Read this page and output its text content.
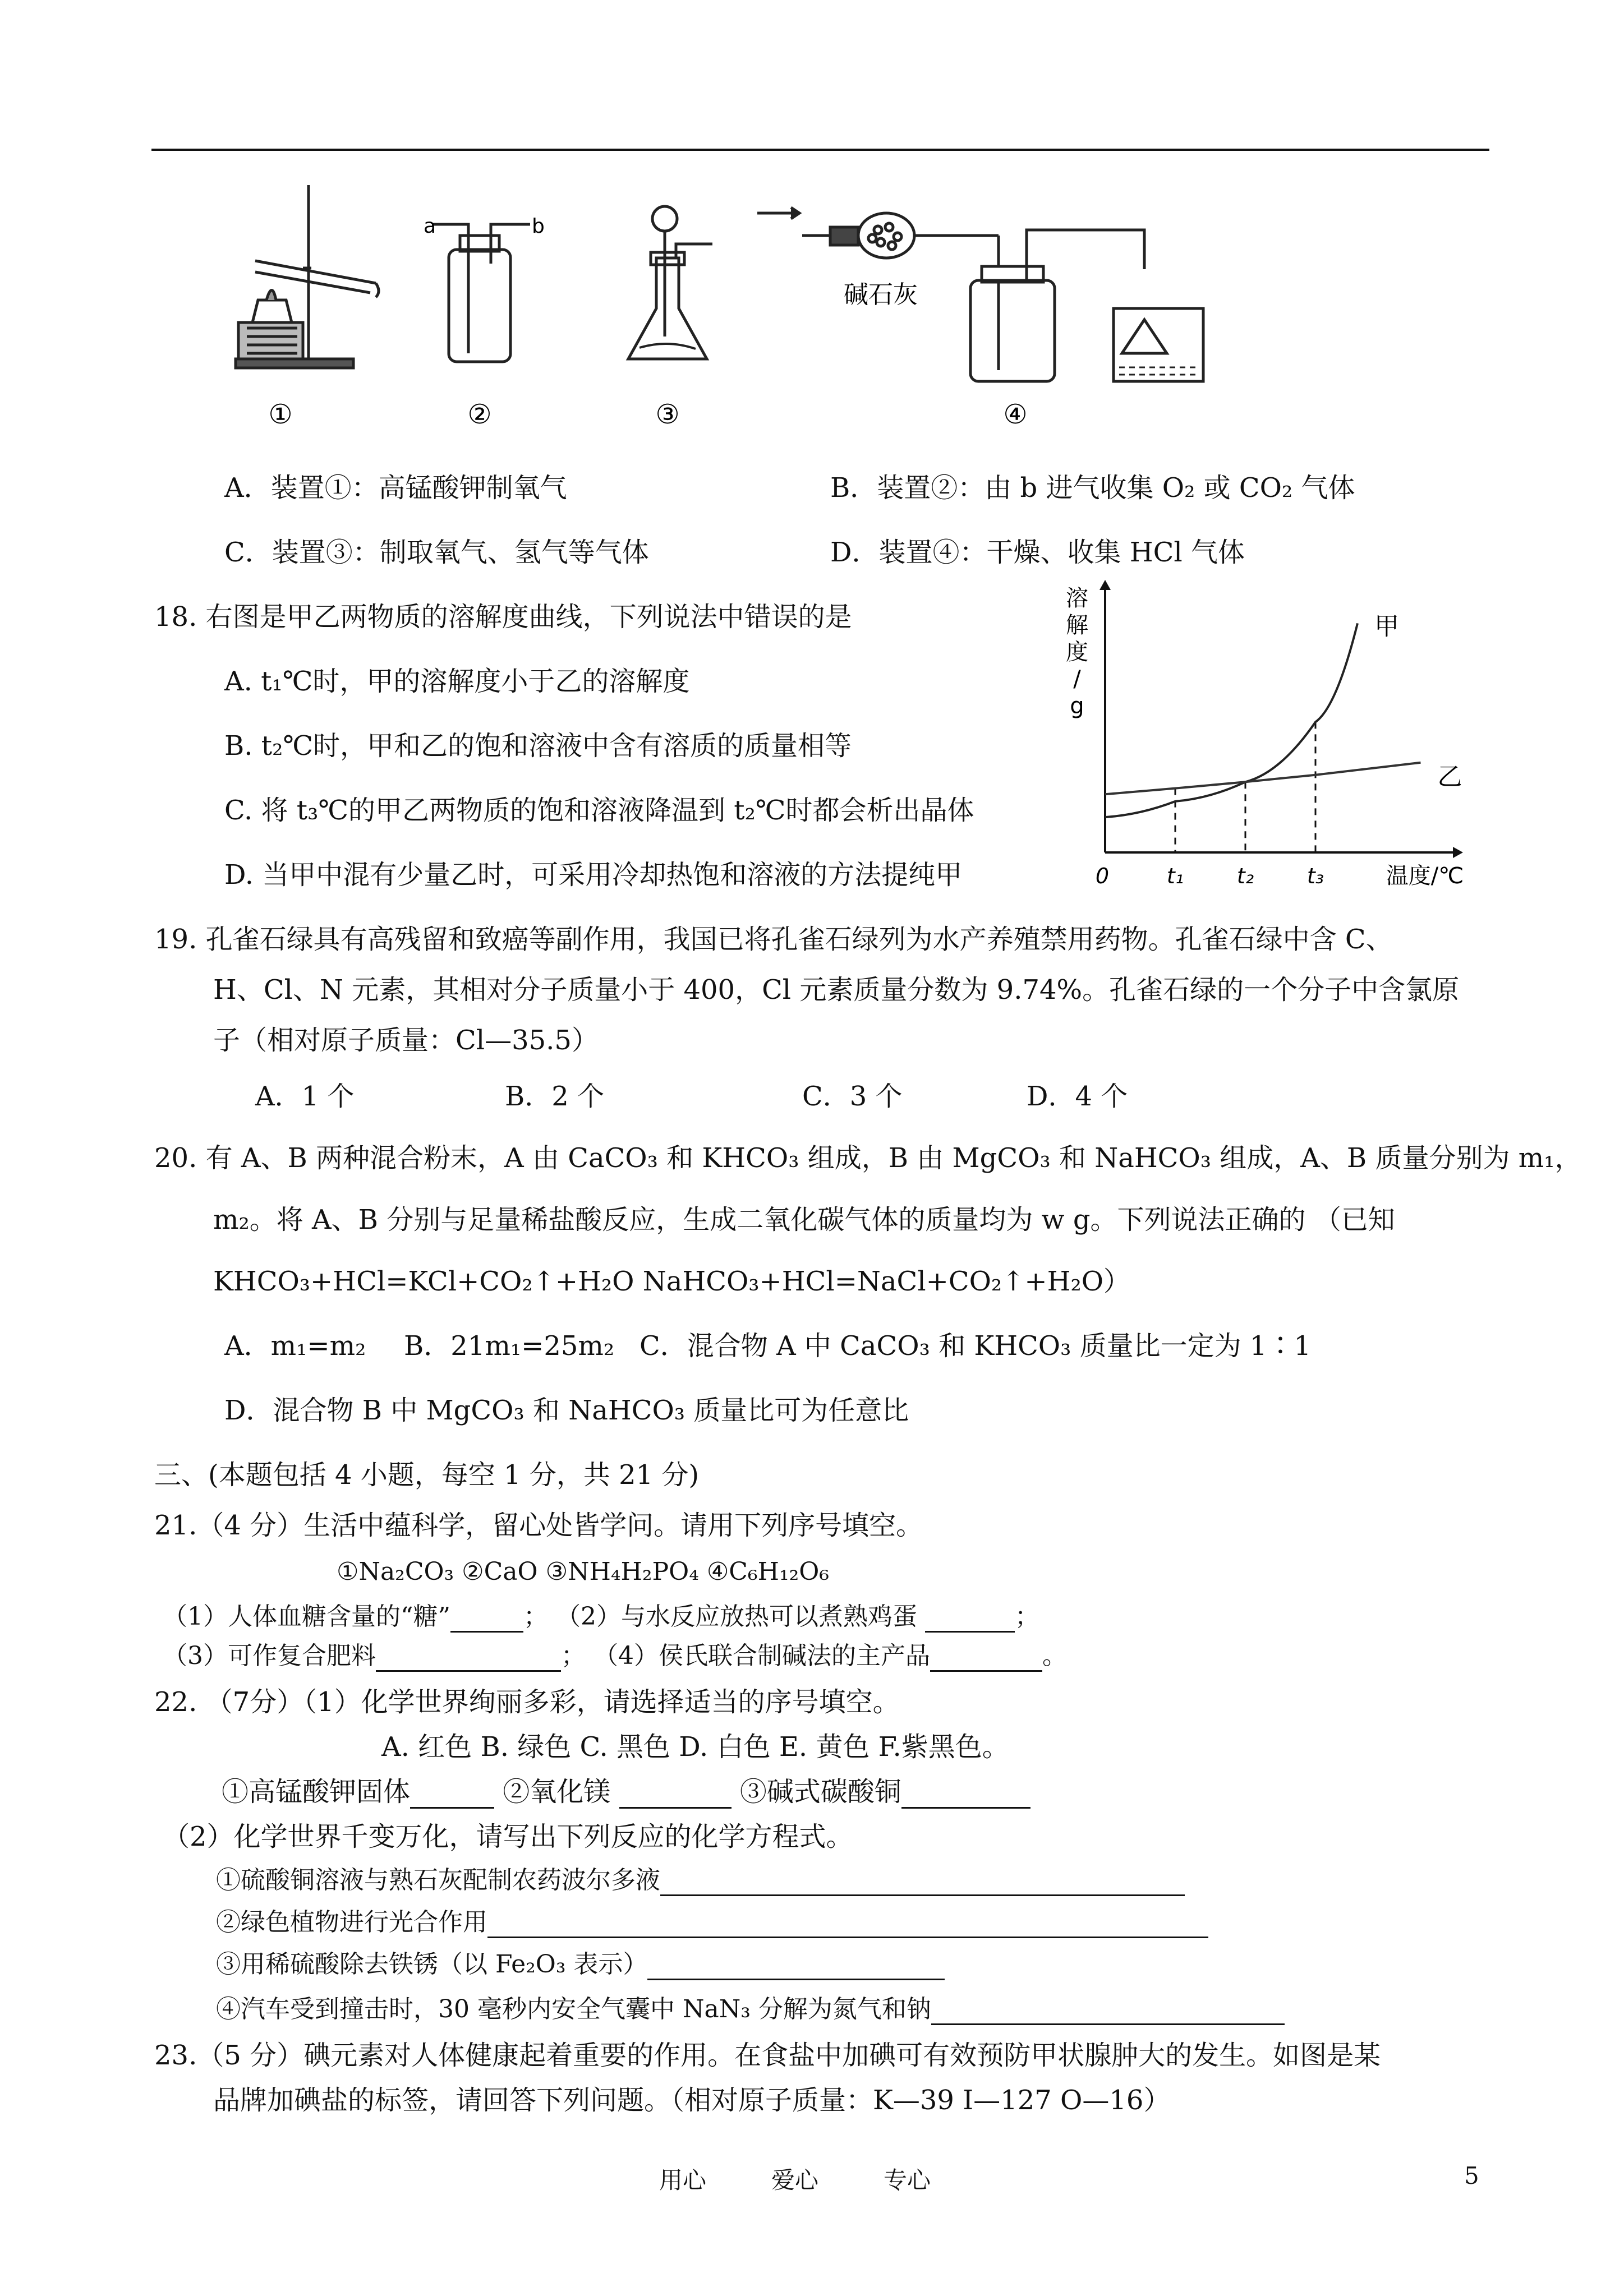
①
a	b
②	③
碱石灰
④
A．装置①：高锰酸钾制氧气	B．装置②：由 b 进气收集 O₂ 或 CO₂ 气体
C．装置③：制取氧气、氢气等气体	D．装置④：干燥、收集 HCl 气体
18. 右图是甲乙两物质的溶解度曲线，下列说法中错误的是
A. t₁℃时，甲的溶解度小于乙的溶解度
B. t₂℃时，甲和乙的饱和溶液中含有溶质的质量相等
C. 将 t₃℃的甲乙两物质的饱和溶液降温到 t₂℃时都会析出晶体
D. 当甲中混有少量乙时，可采用冷却热饱和溶液的方法提纯甲
溶
解
度
/
g
温度/℃
0	t₁ t₂ t₃
甲
乙
19. 孔雀石绿具有高残留和致癌等副作用，我国已将孔雀石绿列为水产养殖禁用药物。孔雀石绿中含 C、
H、Cl、N 元素，其相对分子质量小于 400，Cl 元素质量分数为 9.74%。孔雀石绿的一个分子中含氯原
子（相对原子质量：Cl—35.5）
A．1 个	B．2 个	C．3 个	D．4 个
20. 有 A、B 两种混合粉末，A 由 CaCO₃ 和 KHCO₃ 组成，B 由 MgCO₃ 和 NaHCO₃ 组成，A、B 质量分别为 m₁，
m₂。将 A、B 分别与足量稀盐酸反应，生成二氧化碳气体的质量均为 w g。下列说法正确的 （已知
KHCO₃+HCl=KCl+CO₂↑+H₂O NaHCO₃+HCl=NaCl+CO₂↑+H₂O）
A．m₁=m₂ B．21m₁=25m₂ C．混合物 A 中 CaCO₃ 和 KHCO₃ 质量比一定为 1∶1
D．混合物 B 中 MgCO₃ 和 NaHCO₃ 质量比可为任意比
三、(本题包括 4 小题，每空 1 分，共 21 分)
21.（4 分）生活中蕴科学，留心处皆学问。请用下列序号填空。
①Na₂CO₃ ②CaO ③NH₄H₂PO₄ ④C₆H₁₂O₆
（1）人体血糖含量的“糖”	； （2）与水反应放热可以煮熟鸡蛋	；
（3）可作复合肥料	； （4）侯氏联合制碱法的主产品	。
22. （7分）（1）化学世界绚丽多彩，请选择适当的序号填空。
A. 红色 B. 绿色 C. 黑色 D. 白色 E. 黄色 F.紫黑色。
①高锰酸钾固体	②氧化镁	③碱式碳酸铜
（2）化学世界千变万化，请写出下列反应的化学方程式。
①硫酸铜溶液与熟石灰配制农药波尔多液
②绿色植物进行光合作用
③用稀硫酸除去铁锈（以 Fe₂O₃ 表示）
④汽车受到撞击时，30 毫秒内安全气囊中 NaN₃ 分解为氮气和钠
23.（5 分）碘元素对人体健康起着重要的作用。在食盐中加碘可有效预防甲状腺肿大的发生。如图是某
品牌加碘盐的标签，请回答下列问题。（相对原子质量：K—39 I—127 O—16）
用心	爱心	专心	5
